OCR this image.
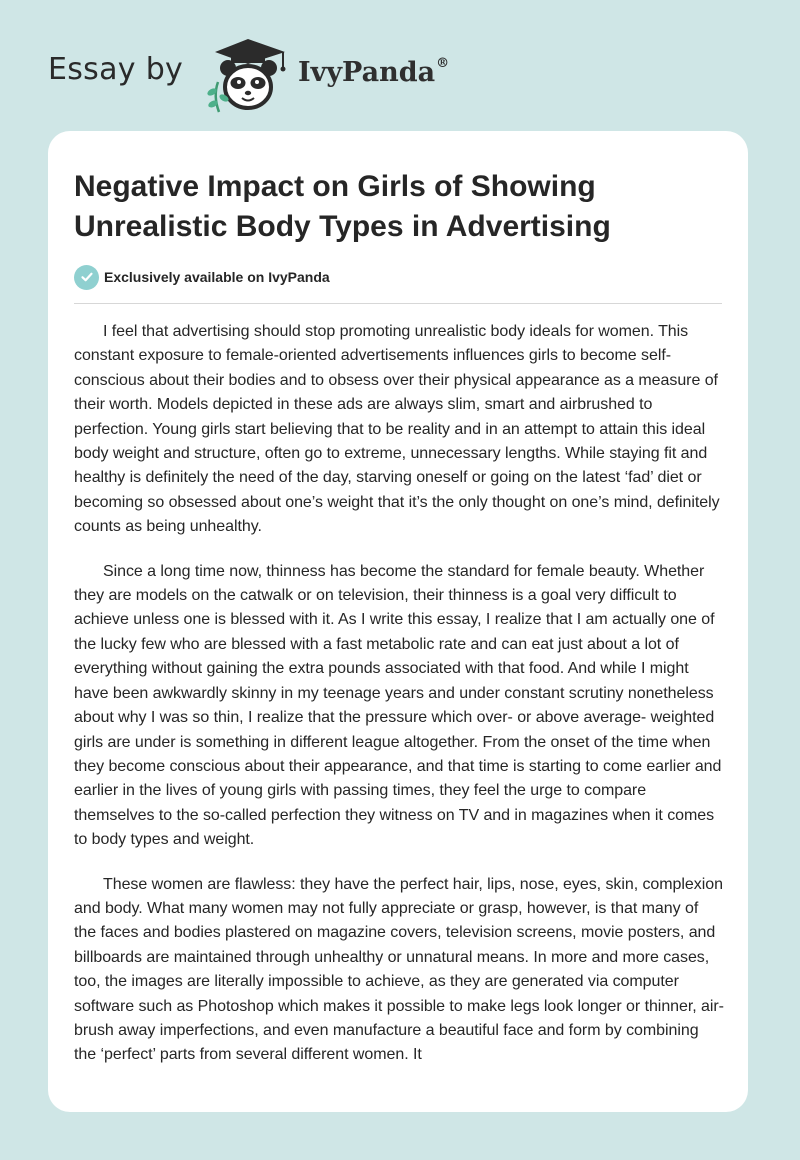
Essay by	IvyPanda®
Negative Impact on Girls of Showing Unrealistic Body Types in Advertising
Exclusively available on IvyPanda

I feel that advertising should stop promoting unrealistic body ideals for women. This constant exposure to female-oriented advertisements influences girls to become self-conscious about their bodies and to obsess over their physical appearance as a measure of their worth. Models depicted in these ads are always slim, smart and airbrushed to perfection. Young girls start believing that to be reality and in an attempt to attain this ideal body weight and structure, often go to extreme, unnecessary lengths. While staying fit and healthy is definitely the need of the day, starving oneself or going on the latest ‘fad’ diet or becoming so obsessed about one’s weight that it’s the only thought on one’s mind, definitely counts as being unhealthy.

Since a long time now, thinness has become the standard for female beauty. Whether they are models on the catwalk or on television, their thinness is a goal very difficult to achieve unless one is blessed with it. As I write this essay, I realize that I am actually one of the lucky few who are blessed with a fast metabolic rate and can eat just about a lot of everything without gaining the extra pounds associated with that food. And while I might have been awkwardly skinny in my teenage years and under constant scrutiny nonetheless about why I was so thin, I realize that the pressure which over- or above average- weighted girls are under is something in different league altogether. From the onset of the time when they become conscious about their appearance, and that time is starting to come earlier and earlier in the lives of young girls with passing times, they feel the urge to compare themselves to the so-called perfection they witness on TV and in magazines when it comes to body types and weight.

These women are flawless: they have the perfect hair, lips, nose, eyes, skin, complexion and body. What many women may not fully appreciate or grasp, however, is that many of the faces and bodies plastered on magazine covers, television screens, movie posters, and billboards are maintained through unhealthy or unnatural means. In more and more cases, too, the images are literally impossible to achieve, as they are generated via computer software such as Photoshop which makes it possible to make legs look longer or thinner, air-brush away imperfections, and even manufacture a beautiful face and form by combining the ‘perfect’ parts from several different women. It
